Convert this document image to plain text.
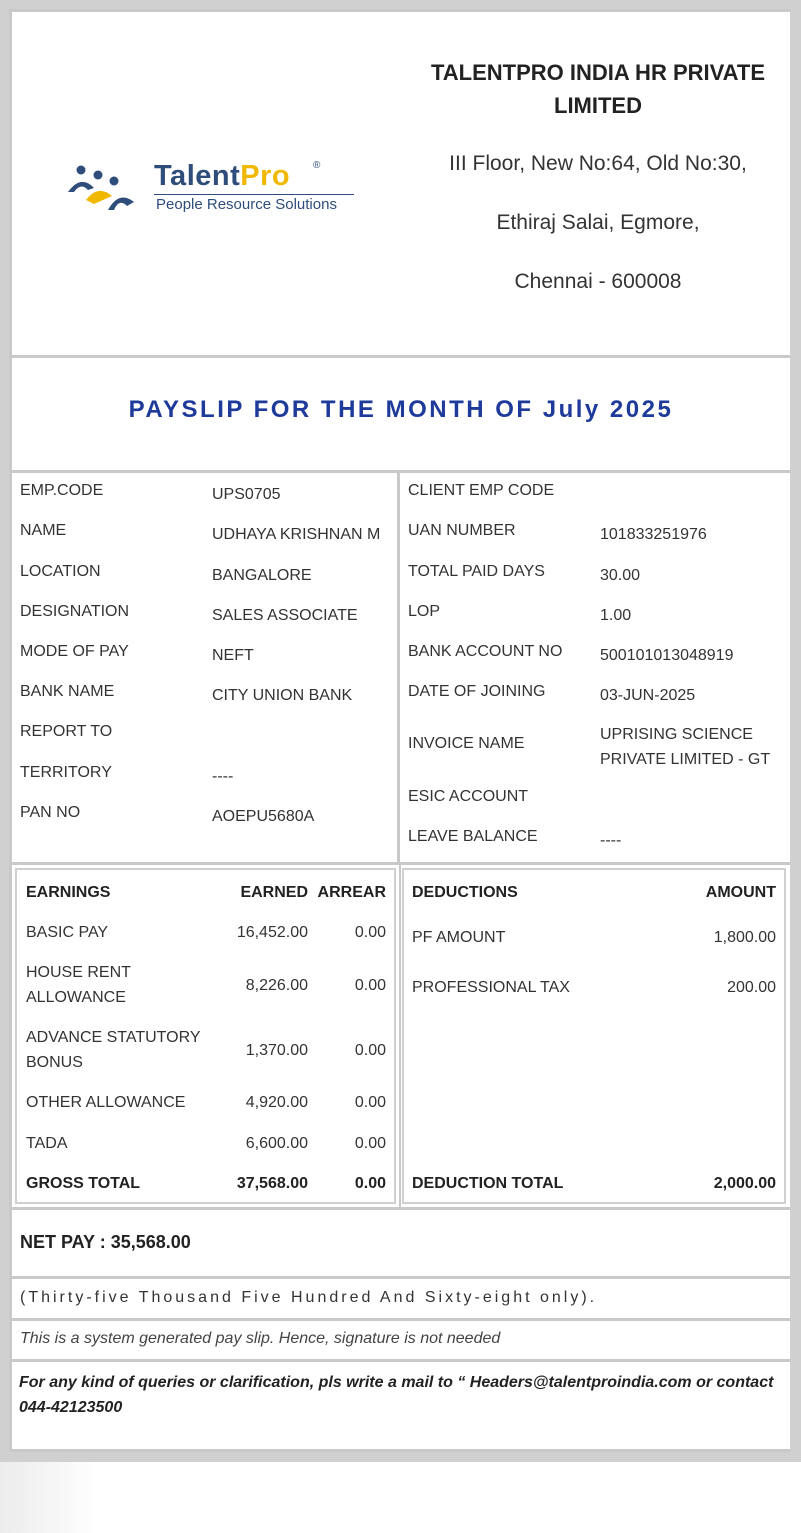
TalentPro ®
People Resource Solutions
TALENTPRO INDIA HR PRIVATE
LIMITED
III Floor, New No:64, Old No:30,
Ethiraj Salai, Egmore,
Chennai - 600008
PAYSLIP FOR THE MONTH OF July 2025
EMP.CODE	UPS0705
NAME	UDHAYA KRISHNAN M
LOCATION	BANGALORE
DESIGNATION	SALES ASSOCIATE
MODE OF PAY	NEFT
BANK NAME	CITY UNION BANK
REPORT TO
TERRITORY	----
PAN NO	AOEPU5680A
CLIENT EMP CODE
UAN NUMBER	101833251976
TOTAL PAID DAYS	30.00
LOP	1.00
BANK ACCOUNT NO 500101013048919
DATE OF JOINING	03-JUN-2025
INVOICE NAME
UPRISING SCIENCE
PRIVATE LIMITED - GT
ESIC ACCOUNT
LEAVE BALANCE	----
EARNINGS	EARNED ARREAR
BASIC PAY	16,452.00	0.00
HOUSE RENT
ALLOWANCE
8,226.00	0.00
ADVANCE STATUTORY
BONUS
1,370.00	0.00
OTHER ALLOWANCE	4,920.00	0.00
TADA	6,600.00	0.00
GROSS TOTAL	37,568.00	0.00
DEDUCTIONS	AMOUNT
PF AMOUNT	1,800.00
PROFESSIONAL TAX	200.00
DEDUCTION TOTAL	2,000.00
NET PAY : 35,568.00
(Thirty-five Thousand Five Hundred And Sixty-eight only).
This is a system generated pay slip. Hence, signature is not needed
For any kind of queries or clarification, pls write a mail to “ Headers@talentproindia.com or contact 044-42123500
